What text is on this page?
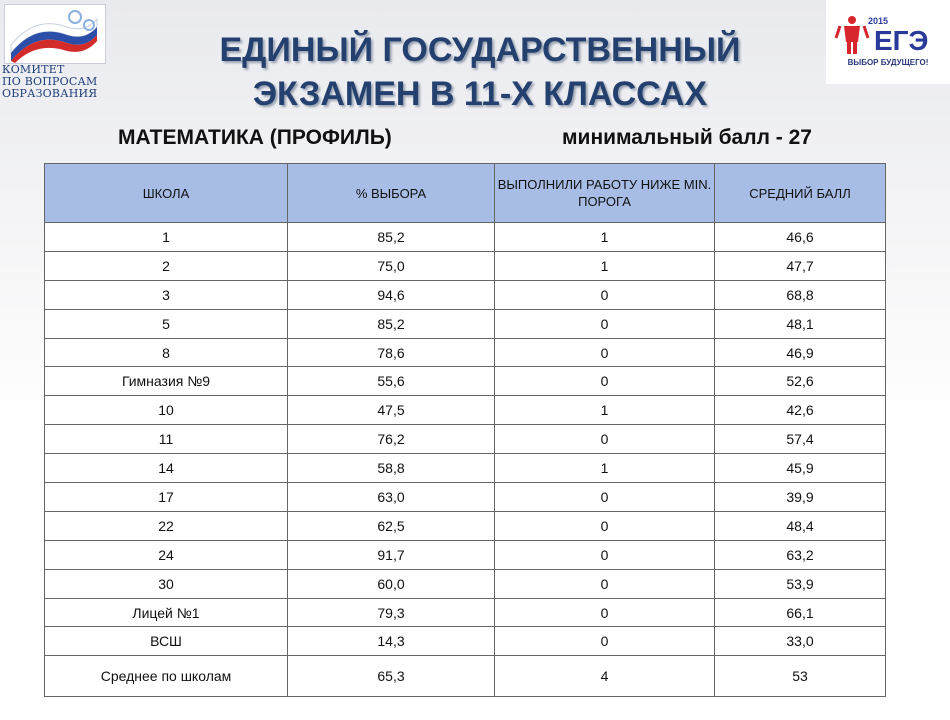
КОМИТЕТ
ПО ВОПРОСАМ
ОБРАЗОВАНИЯ
2015
ЕГЭ
ВЫБОР БУДУЩЕГО!
ЕДИНЫЙ ГОСУДАРСТВЕННЫЙ
ЭКЗАМЕН В 11-Х КЛАССАХ
МАТЕМАТИКА (ПРОФИЛЬ)	минимальный балл - 27
ШКОЛА	% ВЫБОРА	ВЫПОЛНИЛИ РАБОТУ НИЖЕ MIN. ПОРОГА	СРЕДНИЙ БАЛЛ
1	85,2	1	46,6
2	75,0	1	47,7
3	94,6	0	68,8
5	85,2	0	48,1
8	78,6	0	46,9
Гимназия №9	55,6	0	52,6
10	47,5	1	42,6
11	76,2	0	57,4
14	58,8	1	45,9
17	63,0	0	39,9
22	62,5	0	48,4
24	91,7	0	63,2
30	60,0	0	53,9
Лицей №1	79,3	0	66,1
ВСШ	14,3	0	33,0
Среднее по школам	65,3	4	53
